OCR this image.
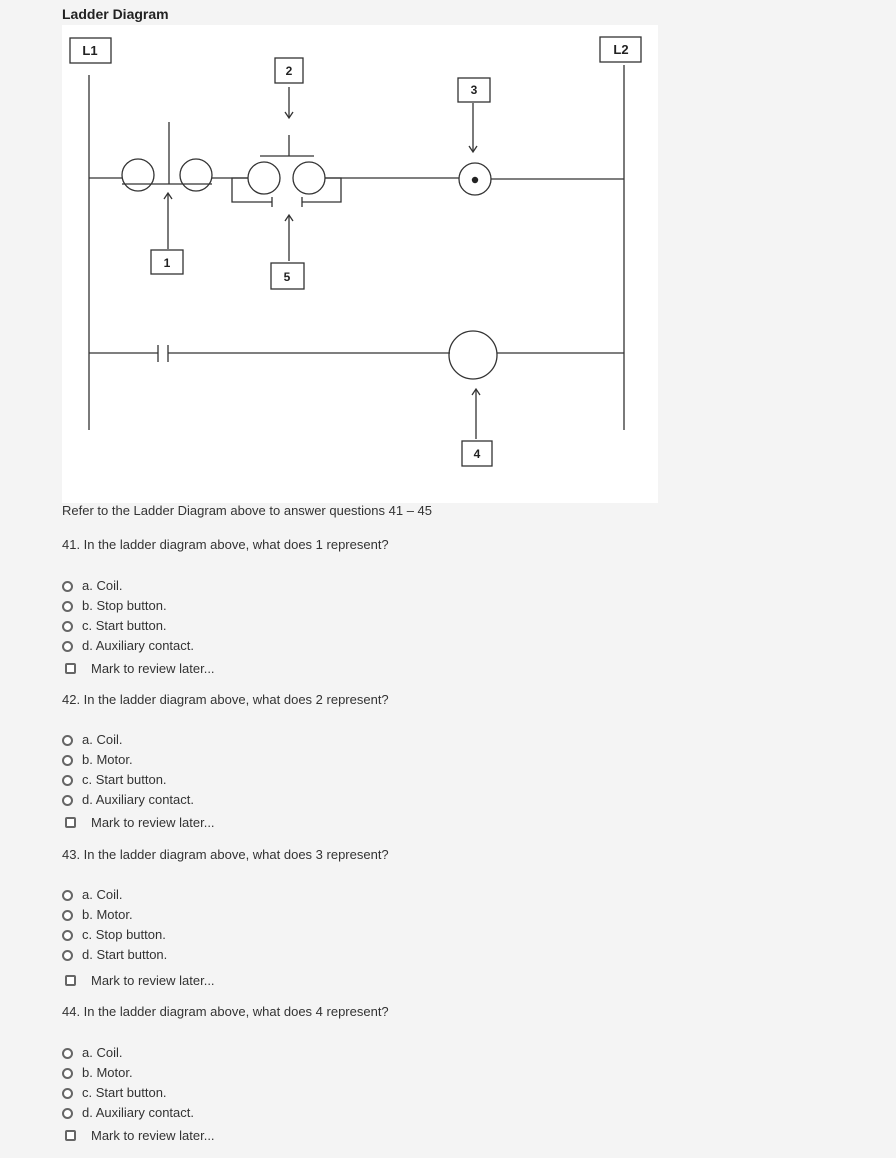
Ladder Diagram
L1	L2
1
2
3
4
5
Refer to the Ladder Diagram above to answer questions 41 – 45
41. In the ladder diagram above, what does 1 represent?
a. Coil.
b. Stop button.
c. Start button.
d. Auxiliary contact.
Mark to review later...
42. In the ladder diagram above, what does 2 represent?
a. Coil.
b. Motor.
c. Start button.
d. Auxiliary contact.
Mark to review later...
43. In the ladder diagram above, what does 3 represent?
a. Coil.
b. Motor.
c. Stop button.
d. Start button.
Mark to review later...
44. In the ladder diagram above, what does 4 represent?
a. Coil.
b. Motor.
c. Start button.
d. Auxiliary contact.
Mark to review later...
